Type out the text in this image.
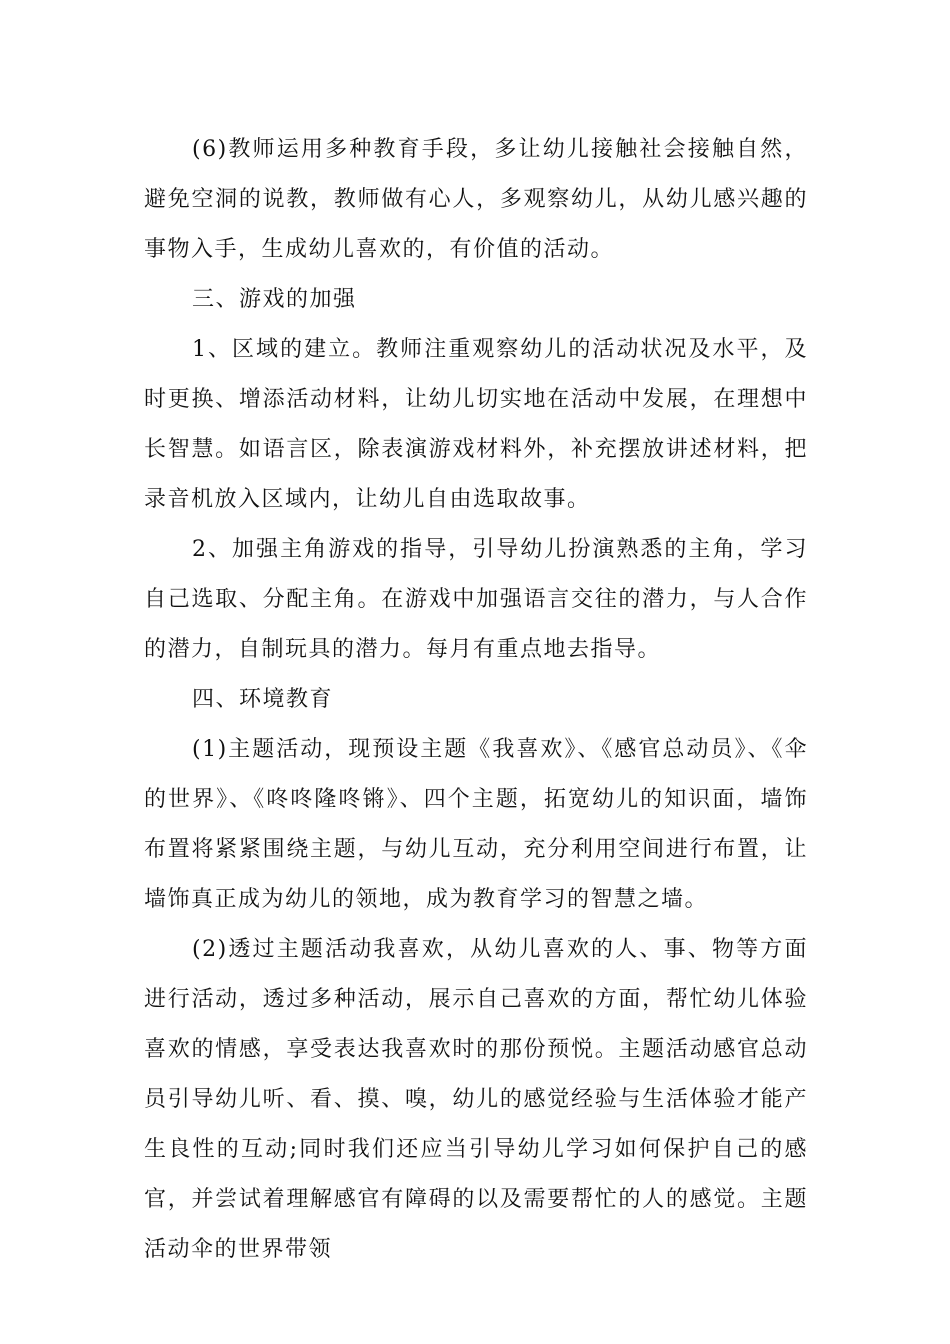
(6)教师运用多种教育手段，多让幼儿接触社会接触自然，避免空洞的说教，教师做有心人，多观察幼儿，从幼儿感兴趣的事物入手，生成幼儿喜欢的，有价值的活动。

三、游戏的加强

1、区域的建立。教师注重观察幼儿的活动状况及水平，及时更换、增添活动材料，让幼儿切实地在活动中发展，在理想中长智慧。如语言区，除表演游戏材料外，补充摆放讲述材料，把录音机放入区域内，让幼儿自由选取故事。

2、加强主角游戏的指导，引导幼儿扮演熟悉的主角，学习自己选取、分配主角。在游戏中加强语言交往的潜力，与人合作的潜力，自制玩具的潜力。每月有重点地去指导。

四、环境教育

(1)主题活动，现预设主题《我喜欢》、《感官总动员》、《伞的世界》、《咚咚隆咚锵》、四个主题，拓宽幼儿的知识面，墙饰布置将紧紧围绕主题，与幼儿互动，充分利用空间进行布置，让墙饰真正成为幼儿的领地，成为教育学习的智慧之墙。

(2)透过主题活动我喜欢，从幼儿喜欢的人、事、物等方面进行活动，透过多种活动，展示自己喜欢的方面，帮忙幼儿体验喜欢的情感，享受表达我喜欢时的那份预悦。主题活动感官总动员引导幼儿听、看、摸、嗅，幼儿的感觉经验与生活体验才能产生良性的互动;同时我们还应当引导幼儿学习如何保护自己的感官，并尝试着理解感官有障碍的以及需要帮忙的人的感觉。主题活动伞的世界带领
